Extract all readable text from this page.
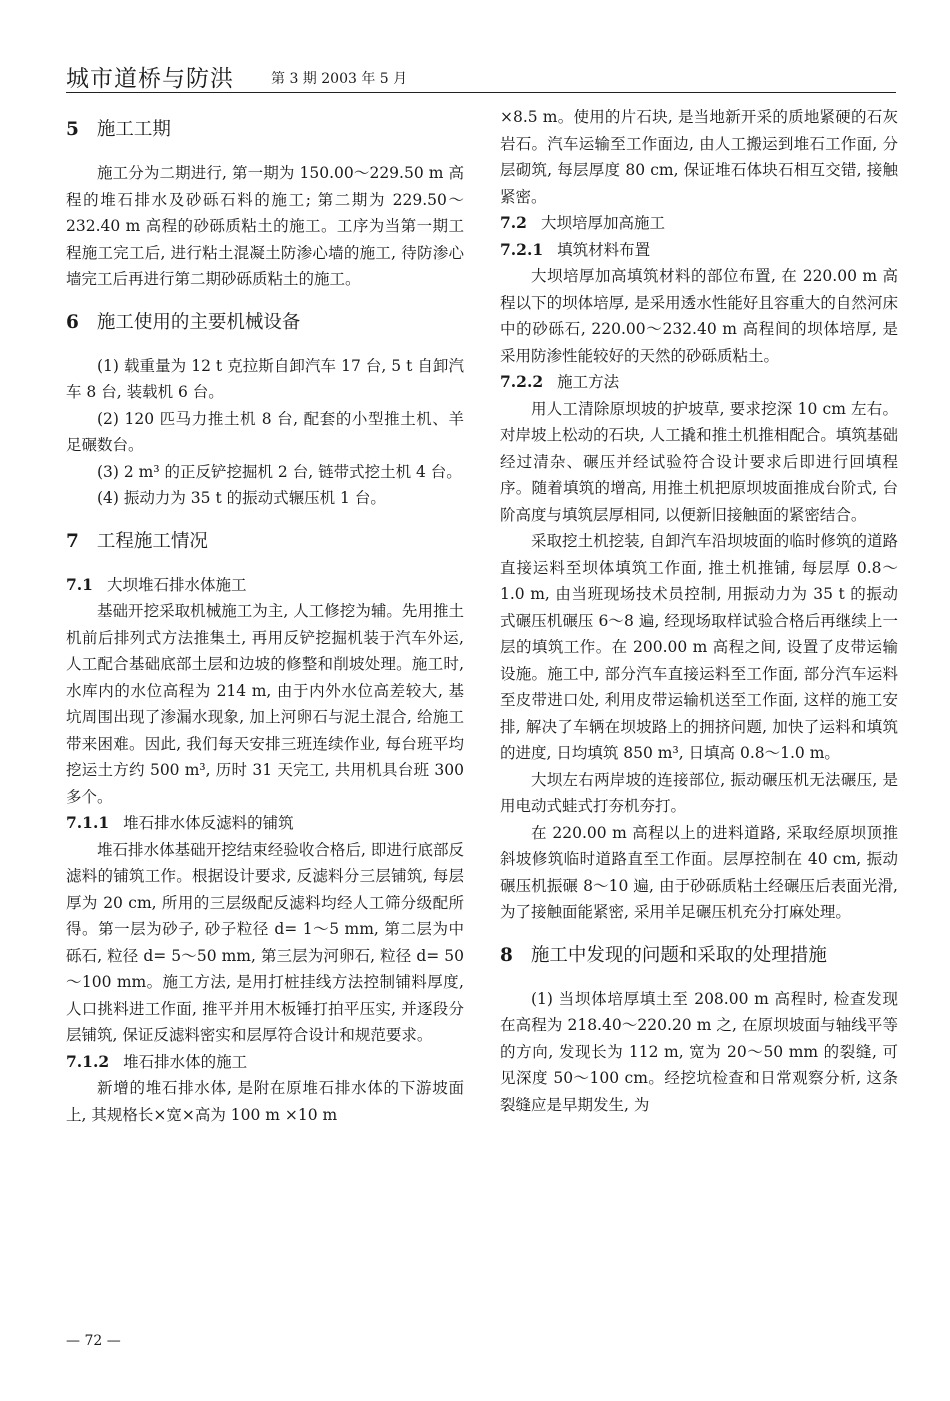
城市道桥与防洪	第 3 期 2003 年 5 月
5 施工工期

施工分为二期进行, 第一期为 150.00～229.50 m 高程的堆石排水及砂砾石料的施工; 第二期为 229.50～232.40 m 高程的砂砾质粘土的施工。工序为当第一期工程施工完工后, 进行粘土混凝土防渗心墙的施工, 待防渗心墙完工后再进行第二期砂砾质粘土的施工。

6 施工使用的主要机械设备

(1) 载重量为 12 t 克拉斯自卸汽车 17 台, 5 t 自卸汽车 8 台, 装载机 6 台。

(2) 120 匹马力推土机 8 台, 配套的小型推土机、羊足碾数台。

(3) 2 m³ 的正反铲挖掘机 2 台, 链带式挖土机 4 台。

(4) 振动力为 35 t 的振动式辗压机 1 台。

7 工程施工情况
7.1 大坝堆石排水体施工

基础开挖采取机械施工为主, 人工修挖为辅。先用推土机前后排列式方法推集土, 再用反铲挖掘机装于汽车外运, 人工配合基础底部土层和边坡的修整和削坡处理。施工时, 水库内的水位高程为 214 m, 由于内外水位高差较大, 基坑周围出现了渗漏水现象, 加上河卵石与泥土混合, 给施工带来困难。因此, 我们每天安排三班连续作业, 每台班平均挖运土方约 500 m³, 历时 31 天完工, 共用机具台班 300 多个。

7.1.1 堆石排水体反滤料的铺筑

堆石排水体基础开挖结束经验收合格后, 即进行底部反滤料的铺筑工作。根据设计要求, 反滤料分三层铺筑, 每层厚为 20 cm, 所用的三层级配反滤料均经人工筛分级配所得。第一层为砂子, 砂子粒径 d= 1～5 mm, 第二层为中砾石, 粒径 d= 5～50 mm, 第三层为河卵石, 粒径 d= 50～100 mm。施工方法, 是用打桩挂线方法控制铺料厚度, 人口挑料进工作面, 推平并用木板锤打拍平压实, 并逐段分层铺筑, 保证反滤料密实和层厚符合设计和规范要求。

7.1.2 堆石排水体的施工

新增的堆石排水体, 是附在原堆石排水体的下游坡面上, 其规格长×宽×高为 100 m ×10 m

×8.5 m。使用的片石块, 是当地新开采的质地紧硬的石灰岩石。汽车运输至工作面边, 由人工搬运到堆石工作面, 分层砌筑, 每层厚度 80 cm, 保证堆石体块石相互交错, 接触紧密。

7.2 大坝培厚加高施工
7.2.1 填筑材料布置

大坝培厚加高填筑材料的部位布置, 在 220.00 m 高程以下的坝体培厚, 是采用透水性能好且容重大的自然河床中的砂砾石, 220.00～232.40 m 高程间的坝体培厚, 是采用防渗性能较好的天然的砂砾质粘土。

7.2.2 施工方法

用人工清除原坝坡的护坡草, 要求挖深 10 cm 左右。对岸坡上松动的石块, 人工撬和推土机推相配合。填筑基础经过清杂、碾压并经试验符合设计要求后即进行回填程序。随着填筑的增高, 用推土机把原坝坡面推成台阶式, 台阶高度与填筑层厚相同, 以便新旧接触面的紧密结合。

采取挖土机挖装, 自卸汽车沿坝坡面的临时修筑的道路直接运料至坝体填筑工作面, 推土机推铺, 每层厚 0.8～1.0 m, 由当班现场技术员控制, 用振动力为 35 t 的振动式碾压机碾压 6～8 遍, 经现场取样试验合格后再继续上一层的填筑工作。在 200.00 m 高程之间, 设置了皮带运输设施。施工中, 部分汽车直接运料至工作面, 部分汽车运料至皮带进口处, 利用皮带运输机送至工作面, 这样的施工安排, 解决了车辆在坝坡路上的拥挤问题, 加快了运料和填筑的进度, 日均填筑 850 m³, 日填高 0.8～1.0 m。

大坝左右两岸坡的连接部位, 振动碾压机无法碾压, 是用电动式蛙式打夯机夯打。

在 220.00 m 高程以上的进料道路, 采取经原坝顶推斜坡修筑临时道路直至工作面。层厚控制在 40 cm, 振动碾压机振碾 8～10 遍, 由于砂砾质粘土经碾压后表面光滑, 为了接触面能紧密, 采用羊足碾压机充分打麻处理。

8 施工中发现的问题和采取的处理措施

(1) 当坝体培厚填土至 208.00 m 高程时, 检查发现在高程为 218.40～220.20 m 之, 在原坝坡面与轴线平等的方向, 发现长为 112 m, 宽为 20～50 mm 的裂缝, 可见深度 50～100 cm。经挖坑检查和日常观察分析, 这条裂缝应是早期发生, 为

— 72 —
